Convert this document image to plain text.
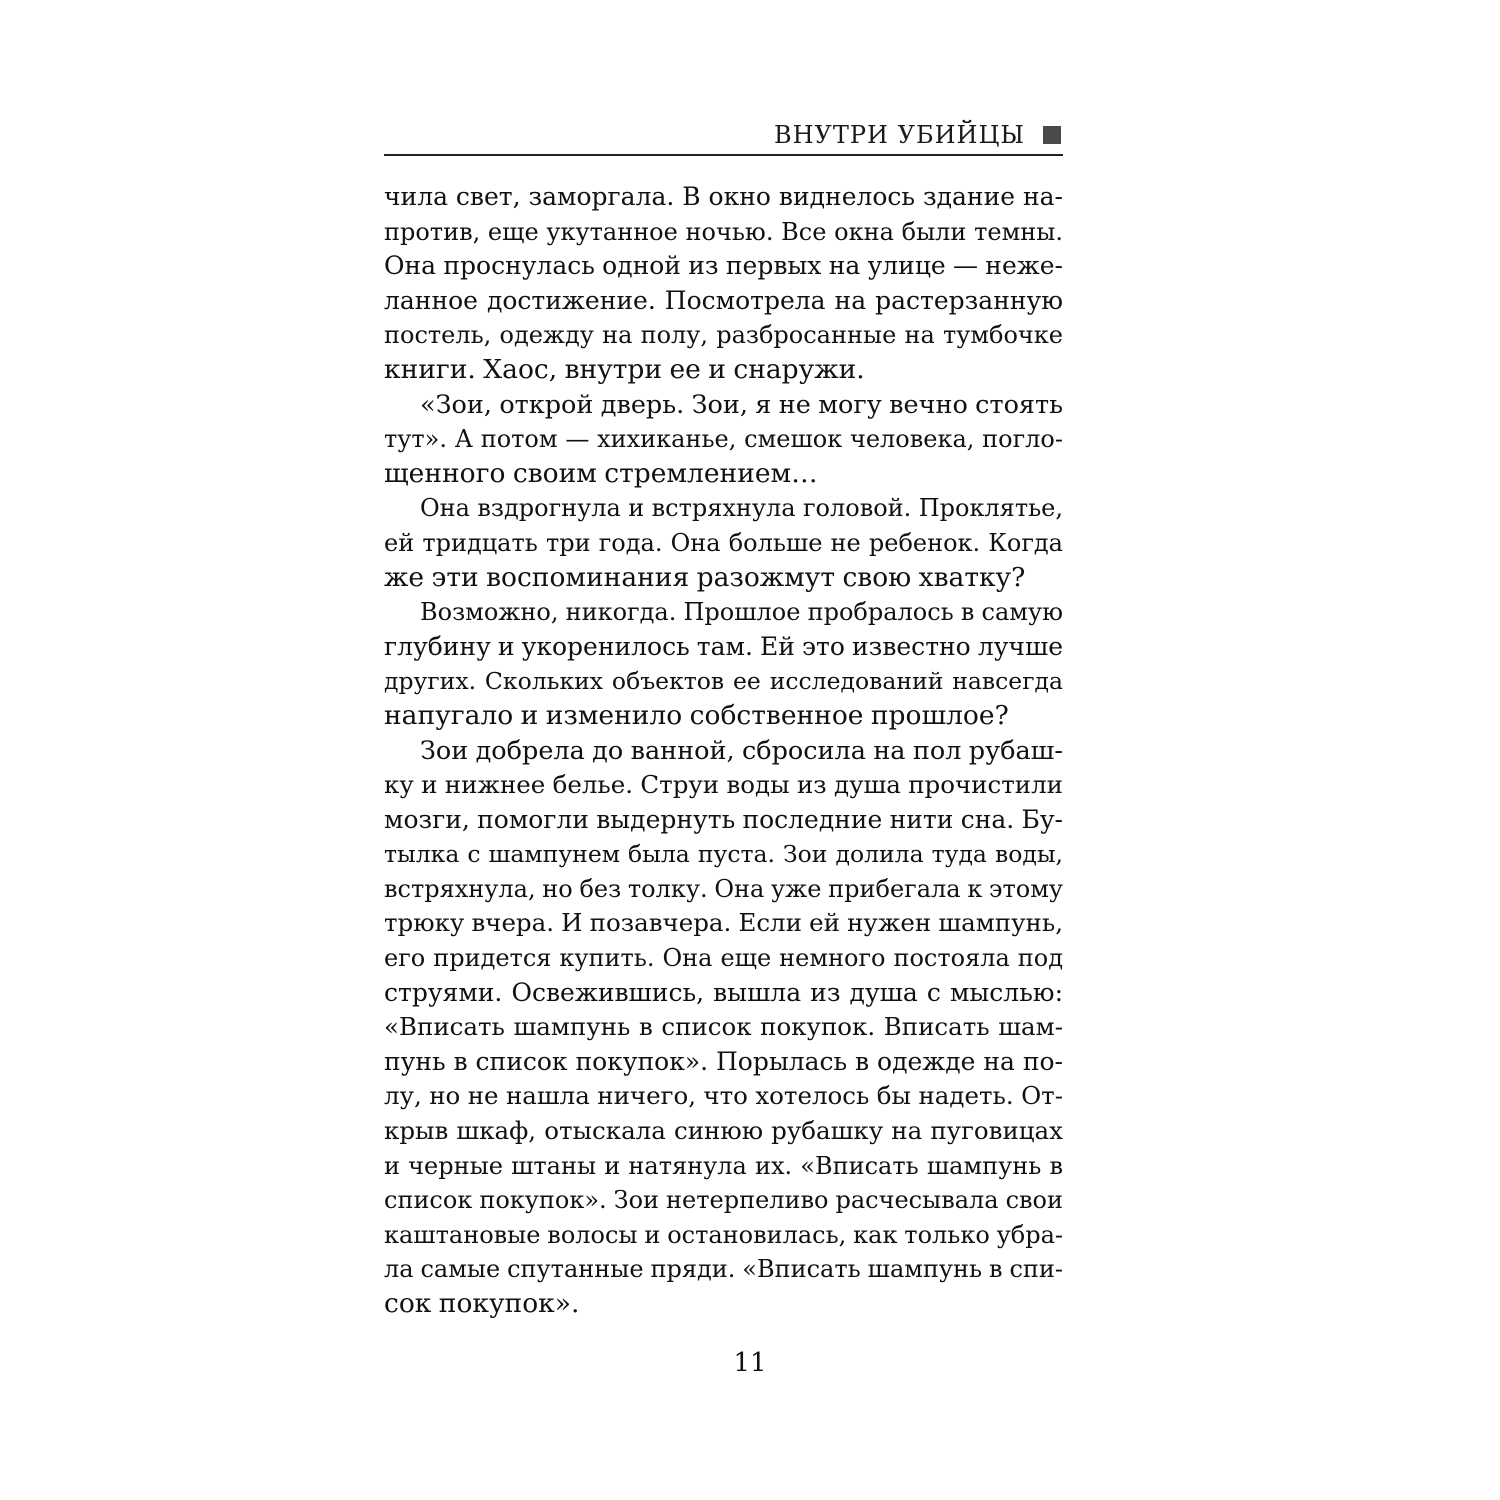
ВНУТРИ УБИЙЦЫ
чила свет, заморгала. В окно виднелось здание на-
против, еще укутанное ночью. Все окна были темны.
Она проснулась одной из первых на улице — неже-
ланное достижение. Посмотрела на растерзанную
постель, одежду на полу, разбросанные на тумбочке
книги. Хаос, внутри ее и снаружи.
«Зои, открой дверь. Зои, я не могу вечно стоять
тут». А потом — хихиканье, смешок человека, погло-
щенного своим стремлением…
Она вздрогнула и встряхнула головой. Проклятье,
ей тридцать три года. Она больше не ребенок. Когда
же эти воспоминания разожмут свою хватку?
Возможно, никогда. Прошлое пробралось в самую
глубину и укоренилось там. Ей это известно лучше
других. Скольких объектов ее исследований навсегда
напугало и изменило собственное прошлое?
Зои добрела до ванной, сбросила на пол рубаш-
ку и нижнее белье. Струи воды из душа прочистили
мозги, помогли выдернуть последние нити сна. Бу-
тылка с шампунем была пуста. Зои долила туда воды,
встряхнула, но без толку. Она уже прибегала к этому
трюку вчера. И позавчера. Если ей нужен шампунь,
его придется купить. Она еще немного постояла под
струями. Освежившись, вышла из душа с мыслью:
«Вписать шампунь в список покупок. Вписать шам-
пунь в список покупок». Порылась в одежде на по-
лу, но не нашла ничего, что хотелось бы надеть. От-
крыв шкаф, отыскала синюю рубашку на пуговицах
и черные штаны и натянула их. «Вписать шампунь в
список покупок». Зои нетерпеливо расчесывала свои
каштановые волосы и остановилась, как только убра-
ла самые спутанные пряди. «Вписать шампунь в спи-
сок покупок».
11
